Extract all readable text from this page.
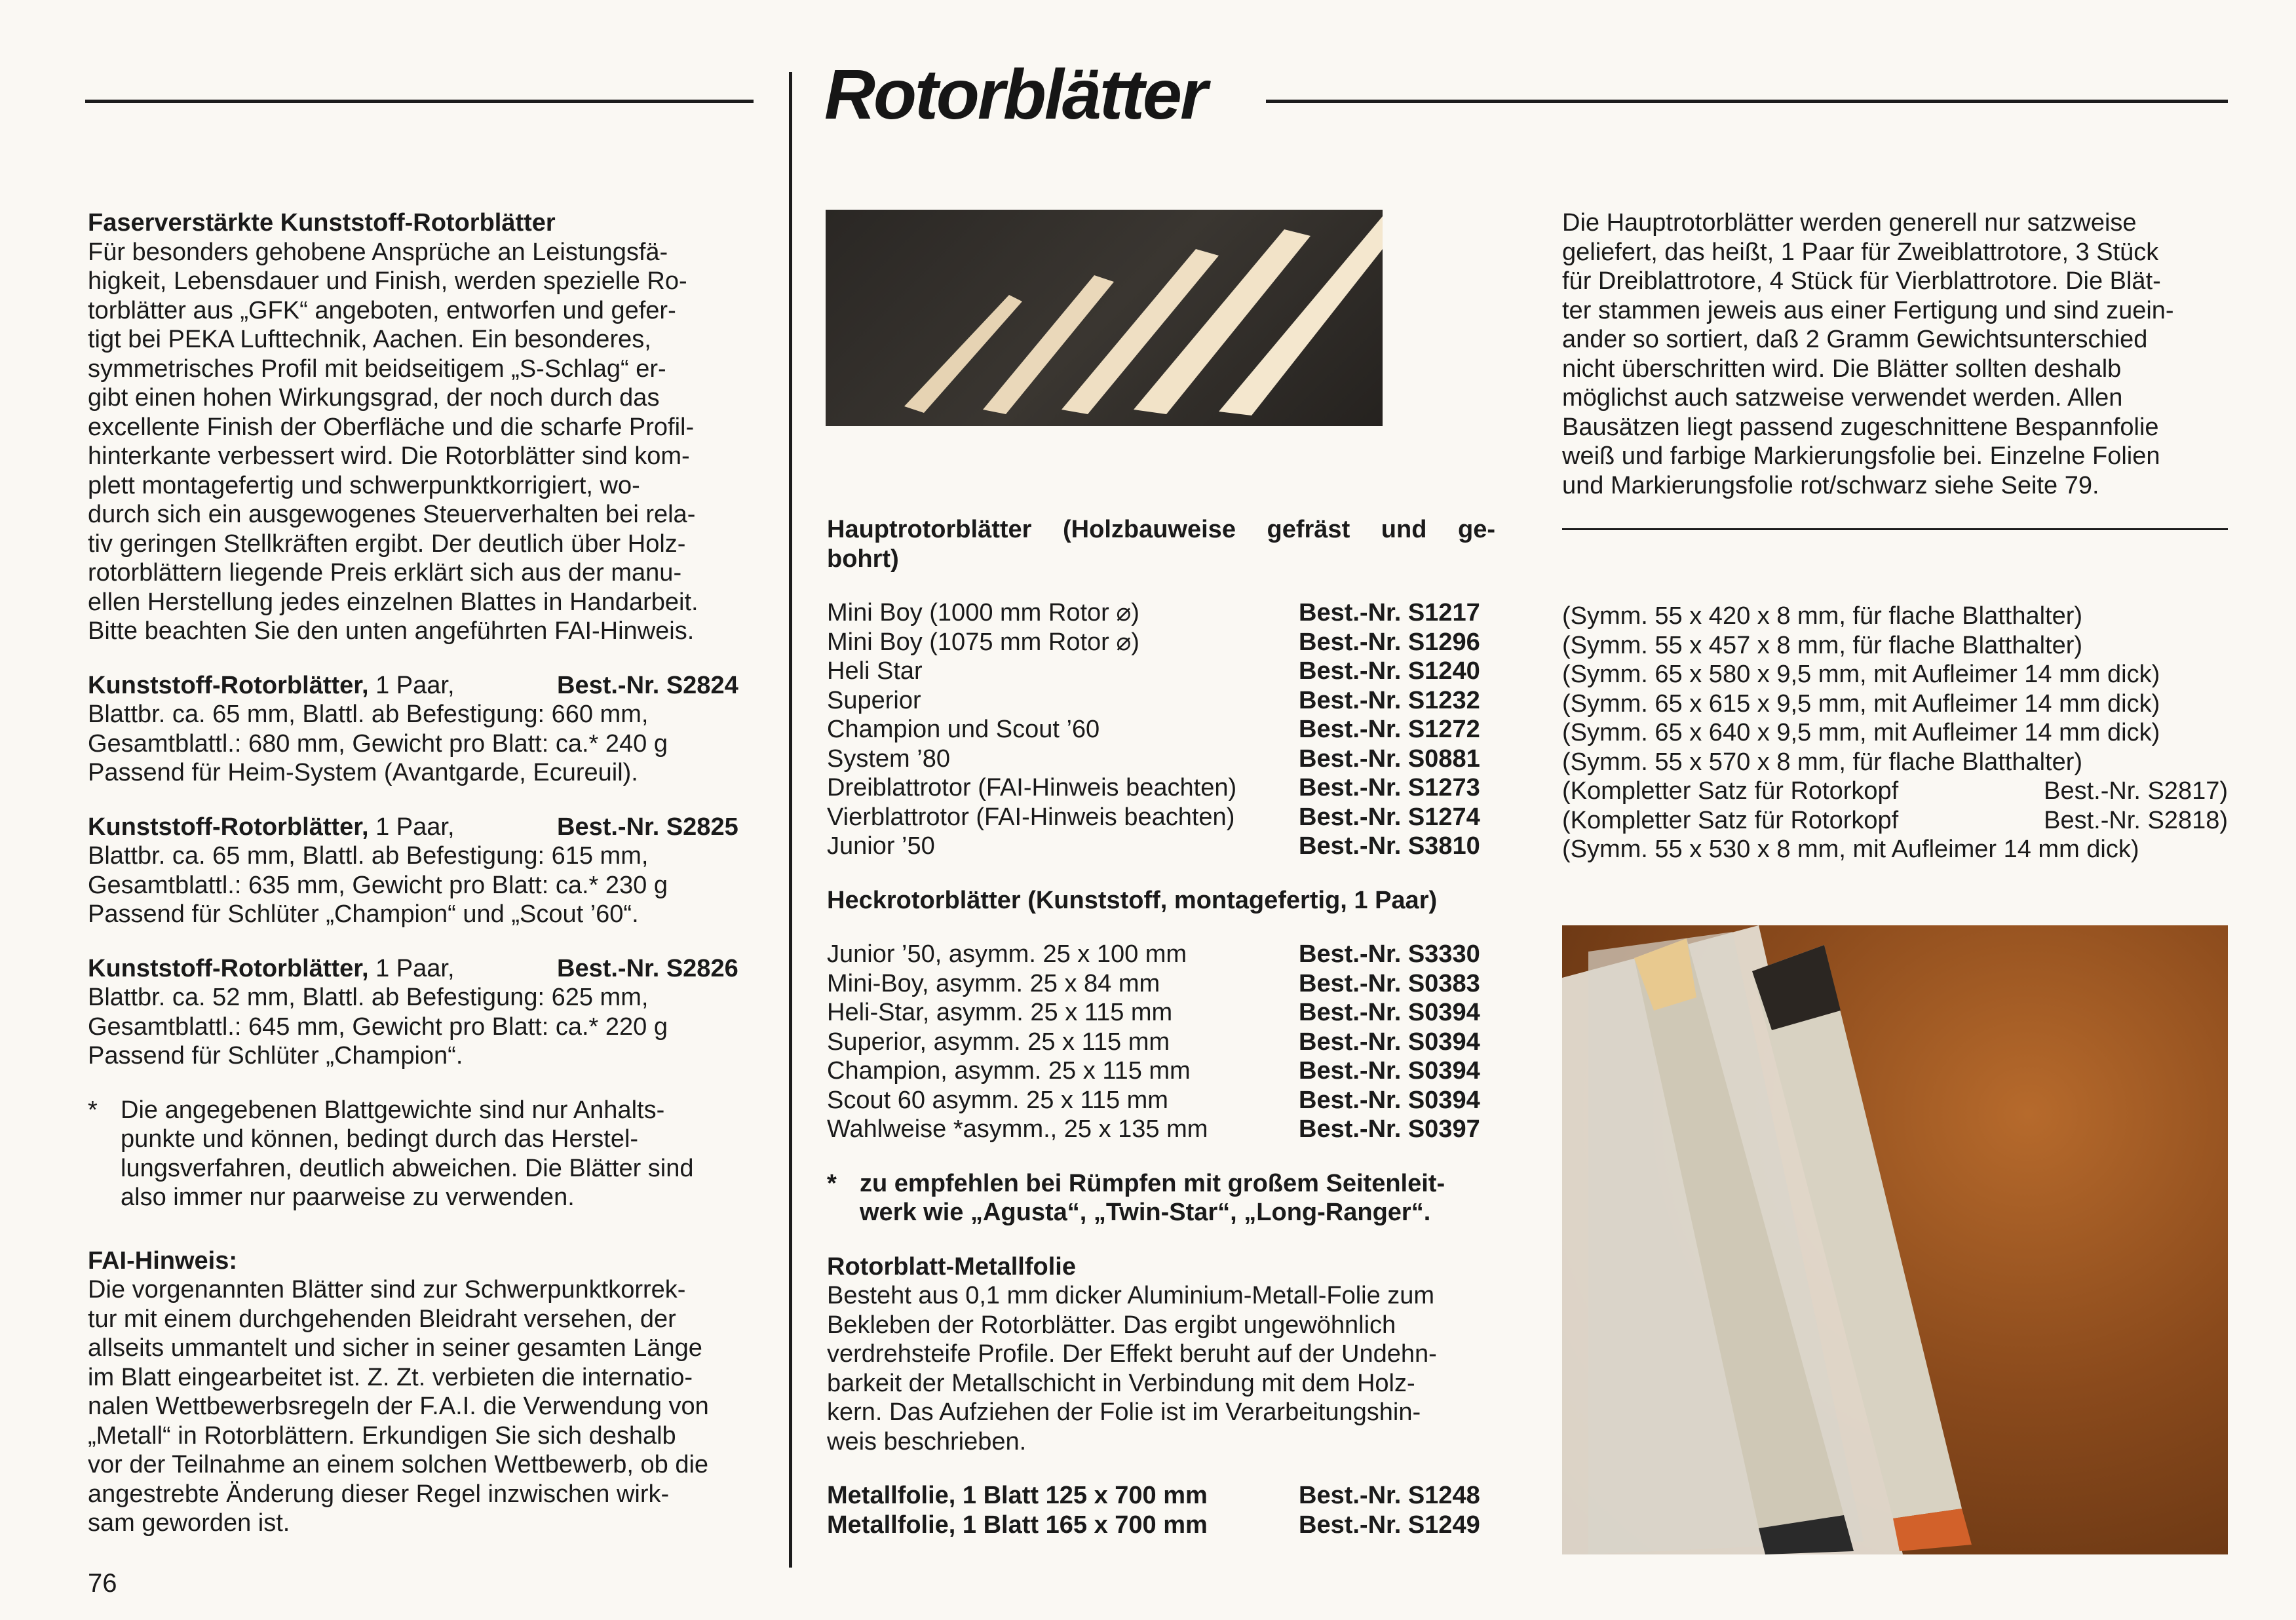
Rotorblätter

Faserverstärkte Kunststoff-Rotorblätter

Für besonders gehobene Ansprüche an Leistungsfä-

higkeit, Lebensdauer und Finish, werden spezielle Ro-

torblätter aus „GFK“ angeboten, entworfen und gefer-

tigt bei PEKA Lufttechnik, Aachen. Ein besonderes,

symmetrisches Profil mit beidseitigem „S-Schlag“ er-

gibt einen hohen Wirkungsgrad, der noch durch das

excellente Finish der Oberfläche und die scharfe Profil-

hinterkante verbessert wird. Die Rotorblätter sind kom-

plett montagefertig und schwerpunktkorrigiert, wo-

durch sich ein ausgewogenes Steuerverhalten bei rela-

tiv geringen Stellkräften ergibt. Der deutlich über Holz-

rotorblättern liegende Preis erklärt sich aus der manu-

ellen Herstellung jedes einzelnen Blattes in Handarbeit.

Bitte beachten Sie den unten angeführten FAI-Hinweis.

Kunststoff-Rotorblätter, 1 Paar,	Best.-Nr. S2824

Blattbr. ca. 65 mm, Blattl. ab Befestigung: 660 mm,

Gesamtblattl.: 680 mm, Gewicht pro Blatt: ca.* 240 g

Passend für Heim-System (Avantgarde, Ecureuil).

Kunststoff-Rotorblätter, 1 Paar,	Best.-Nr. S2825

Blattbr. ca. 65 mm, Blattl. ab Befestigung: 615 mm,

Gesamtblattl.: 635 mm, Gewicht pro Blatt: ca.* 230 g

Passend für Schlüter „Champion“ und „Scout ’60“.

Kunststoff-Rotorblätter, 1 Paar,	Best.-Nr. S2826

Blattbr. ca. 52 mm, Blattl. ab Befestigung: 625 mm,

Gesamtblattl.: 645 mm, Gewicht pro Blatt: ca.* 220 g

Passend für Schlüter „Champion“.

* Die angegebenen Blattgewichte sind nur Anhalts-

punkte und können, bedingt durch das Herstel-

lungsverfahren, deutlich abweichen. Die Blätter sind

also immer nur paarweise zu verwenden.

FAI-Hinweis:

Die vorgenannten Blätter sind zur Schwerpunktkorrek-

tur mit einem durchgehenden Bleidraht versehen, der

allseits ummantelt und sicher in seiner gesamten Länge

im Blatt eingearbeitet ist. Z. Zt. verbieten die internatio-

nalen Wettbewerbsregeln der F.A.I. die Verwendung von

„Metall“ in Rotorblättern. Erkundigen Sie sich deshalb

vor der Teilnahme an einem solchen Wettbewerb, ob die

angestrebte Änderung dieser Regel inzwischen wirk-

sam geworden ist.

76

Hauptrotorblätter (Holzbauweise gefräst und ge-

bohrt)

Mini Boy (1000 mm Rotor ⌀)	Best.-Nr. S1217
Mini Boy (1075 mm Rotor ⌀)	Best.-Nr. S1296
Heli Star	Best.-Nr. S1240
Superior	Best.-Nr. S1232
Champion und Scout ’60	Best.-Nr. S1272
System ’80	Best.-Nr. S0881
Dreiblattrotor (FAI-Hinweis beachten)	Best.-Nr. S1273
Vierblattrotor (FAI-Hinweis beachten)	Best.-Nr. S1274
Junior ’50	Best.-Nr. S3810

Heckrotorblätter (Kunststoff, montagefertig, 1 Paar)

Junior ’50, asymm. 25 x 100 mm	Best.-Nr. S3330
Mini-Boy, asymm. 25 x 84 mm	Best.-Nr. S0383
Heli-Star, asymm. 25 x 115 mm	Best.-Nr. S0394
Superior, asymm. 25 x 115 mm	Best.-Nr. S0394
Champion, asymm. 25 x 115 mm	Best.-Nr. S0394
Scout 60 asymm. 25 x 115 mm	Best.-Nr. S0394
Wahlweise *asymm., 25 x 135 mm	Best.-Nr. S0397
* zu empfehlen bei Rümpfen mit großem Seitenleit-

werk wie „Agusta“, „Twin-Star“, „Long-Ranger“.

Rotorblatt-Metallfolie

Besteht aus 0,1 mm dicker Aluminium-Metall-Folie zum

Bekleben der Rotorblätter. Das ergibt ungewöhnlich

verdrehsteife Profile. Der Effekt beruht auf der Undehn-

barkeit der Metallschicht in Verbindung mit dem Holz-

kern. Das Aufziehen der Folie ist im Verarbeitungshin-

weis beschrieben.

Metallfolie, 1 Blatt 125 x 700 mm	Best.-Nr. S1248
Metallfolie, 1 Blatt 165 x 700 mm	Best.-Nr. S1249

Die Hauptrotorblätter werden generell nur satzweise

geliefert, das heißt, 1 Paar für Zweiblattrotore, 3 Stück

für Dreiblattrotore, 4 Stück für Vierblattrotore. Die Blät-

ter stammen jeweis aus einer Fertigung und sind zuein-

ander so sortiert, daß 2 Gramm Gewichtsunterschied

nicht überschritten wird. Die Blätter sollten deshalb

möglichst auch satzweise verwendet werden. Allen

Bausätzen liegt passend zugeschnittene Bespannfolie

weiß und farbige Markierungsfolie bei. Einzelne Folien

und Markierungsfolie rot/schwarz siehe Seite 79.

(Symm. 55 x 420 x 8 mm, für flache Blatthalter)
(Symm. 55 x 457 x 8 mm, für flache Blatthalter)
(Symm. 65 x 580 x 9,5 mm, mit Aufleimer 14 mm dick)
(Symm. 65 x 615 x 9,5 mm, mit Aufleimer 14 mm dick)
(Symm. 65 x 640 x 9,5 mm, mit Aufleimer 14 mm dick)
(Symm. 55 x 570 x 8 mm, für flache Blatthalter)
(Kompletter Satz für Rotorkopf	Best.-Nr. S2817)
(Kompletter Satz für Rotorkopf	Best.-Nr. S2818)
(Symm. 55 x 530 x 8 mm, mit Aufleimer 14 mm dick)
